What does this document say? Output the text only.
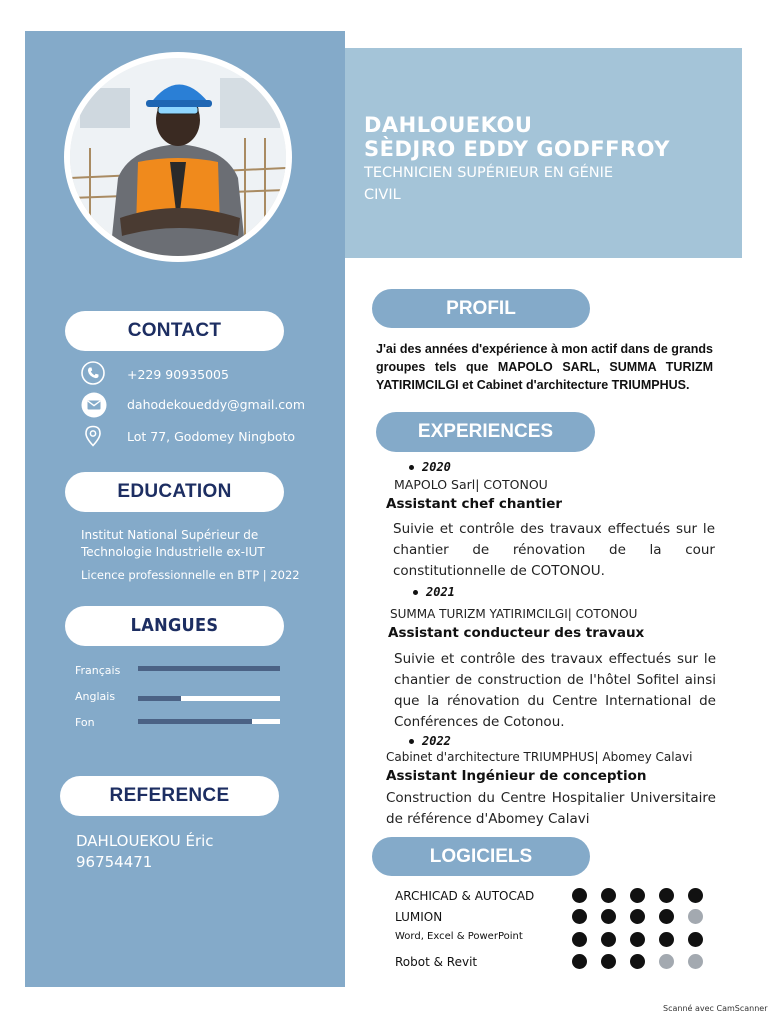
CONTACT
+229 90935005
dahodekoueddy@gmail.com
Lot 77, Godomey Ningboto
EDUCATION
Institut National Supérieur de
Technologie Industrielle ex-IUT
Licence professionnelle en BTP | 2022
LANGUES
Français
Anglais
Fon
REFERENCE
DAHLOUEKOU Éric
96754471
DAHLOUEKOU
SÈDJRO EDDY GODFFROY
TECHNICIEN SUPÉRIEUR EN GÉNIE
CIVIL
PROFIL
J'ai des années d'expérience à mon actif dans de grands groupes tels que MAPOLO SARL, SUMMA TURIZM YATIRIMCILGI et Cabinet d'architecture TRIUMPHUS.
EXPERIENCES
2020
MAPOLO Sarl| COTONOU
Assistant chef chantier
Suivie et contrôle des travaux effectués sur le chantier de rénovation de la cour constitutionnelle de COTONOU.
2021
SUMMA TURIZM YATIRIMCILGI| COTONOU
Assistant conducteur des travaux
Suivie et contrôle des travaux effectués sur le chantier de construction de l'hôtel Sofitel ainsi que la rénovation du Centre International de Conférences de Cotonou.
2022
Cabinet d'architecture TRIUMPHUS| Abomey Calavi
Assistant Ingénieur de conception
Construction du Centre Hospitalier Universitaire de référence d'Abomey Calavi
LOGICIELS
ARCHICAD & AUTOCAD
LUMION
Word, Excel & PowerPoint
Robot & Revit
Scanné avec CamScanner
